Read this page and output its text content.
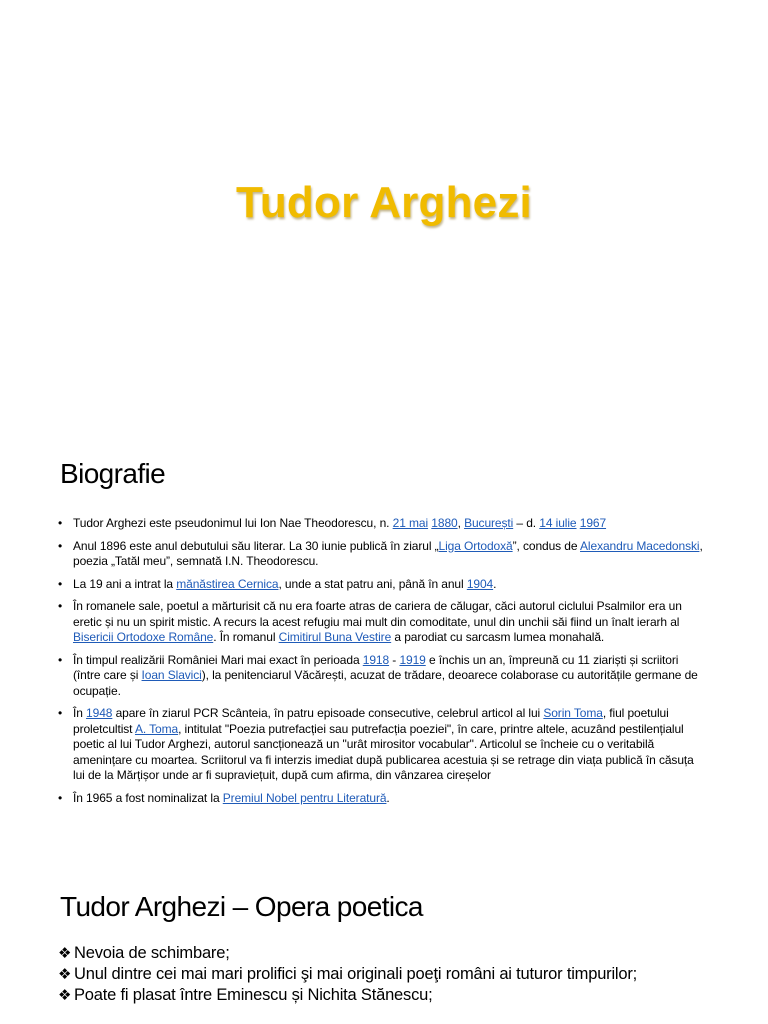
Tudor Arghezi
Biografie
• Tudor Arghezi este pseudonimul lui Ion Nae Theodorescu, n. 21 mai 1880, București – d. 14 iulie 1967
• Anul 1896 este anul debutului său literar. La 30 iunie publică în ziarul „Liga Ortodoxă”, condus de Alexandru Macedonski, poezia „Tatăl meu”, semnată I.N. Theodorescu.
• La 19 ani a intrat la mănăstirea Cernica, unde a stat patru ani, până în anul 1904.
• În romanele sale, poetul a mărturisit că nu era foarte atras de cariera de călugar, căci autorul ciclului Psalmilor era un eretic și nu un spirit mistic. A recurs la acest refugiu mai mult din comoditate, unul din unchii săi fiind un înalt ierarh al Bisericii Ortodoxe Române. În romanul Cimitirul Buna Vestire a parodiat cu sarcasm lumea monahală.
• În timpul realizării României Mari mai exact în perioada 1918 - 1919 e închis un an, împreună cu 11 ziariști și scriitori (între care și Ioan Slavici), la penitenciarul Văcărești, acuzat de trădare, deoarece colaborase cu autoritățile germane de ocupație.
• În 1948 apare în ziarul PCR Scânteia, în patru episoade consecutive, celebrul articol al lui Sorin Toma, fiul poetului proletcultist A. Toma, intitulat "Poezia putrefacției sau putrefacția poeziei", în care, printre altele, acuzând pestilențialul poetic al lui Tudor Arghezi, autorul sancționează un "urât mirositor vocabular". Articolul se încheie cu o veritabilă amenințare cu moartea. Scriitorul va fi interzis imediat după publicarea acestuia și se retrage din viața publică în căsuța lui de la Mărțișor unde ar fi supraviețuit, după cum afirma, din vânzarea cireșelor
• În 1965 a fost nominalizat la Premiul Nobel pentru Literatură.
Tudor Arghezi – Opera poetica
❖ Nevoia de schimbare;
❖ Unul dintre cei mai mari prolifici şi mai originali poeţi români ai tuturor timpurilor;
❖ Poate fi plasat între Eminescu și Nichita Stănescu;
